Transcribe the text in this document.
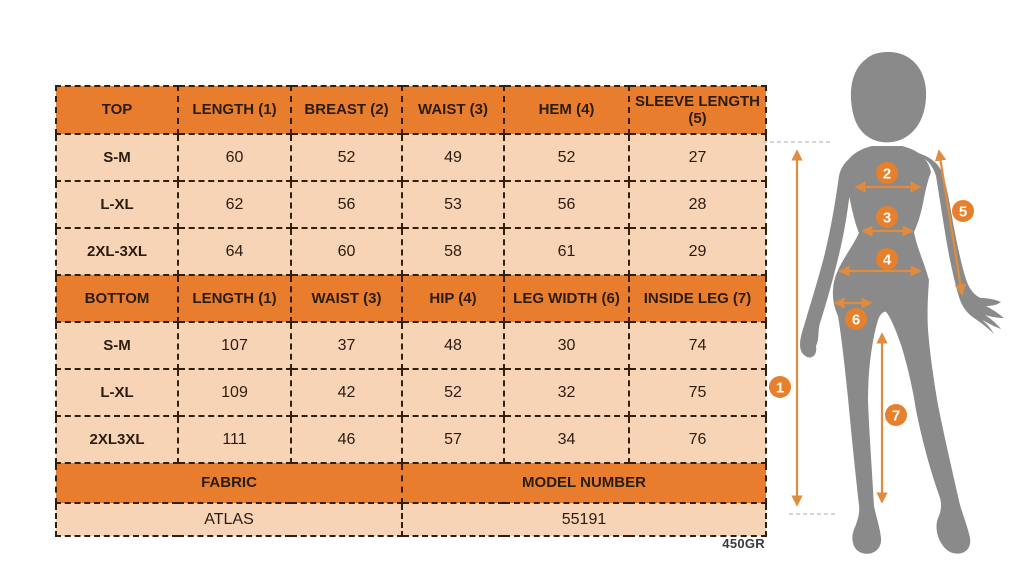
TOP	LENGTH (1)	BREAST (2)	WAIST (3)	HEM (4)	SLEEVE LENGTH (5)
S-M	60	52	49	52	27
L-XL	62	56	53	56	28
2XL-3XL	64	60	58	61	29
BOTTOM	LENGTH (1)	WAIST (3)	HIP (4)	LEG WIDTH (6)	INSIDE LEG (7)
S-M	107	37	48	30	74
L-XL	109	42	52	32	75
2XL3XL	111	46	57	34	76
FABRIC			MODEL NUMBER		
ATLAS			55191		
450GR
1
2
3
4
5
6
7
